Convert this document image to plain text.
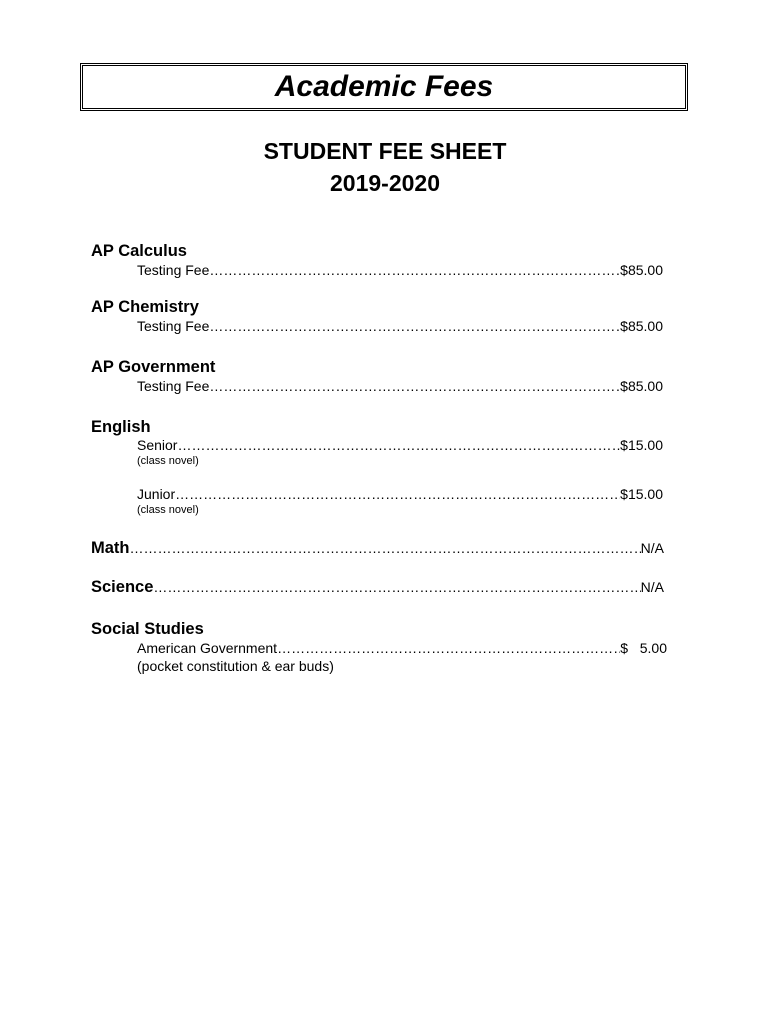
Academic Fees
STUDENT FEE SHEET
2019-2020
AP Calculus
Testing Fee ………………………………………………………………………………………………………………………………………………………………	$85.00
AP Chemistry
Testing Fee ………………………………………………………………………………………………………………………………………………………………	$85.00
AP Government
Testing Fee ………………………………………………………………………………………………………………………………………………………………	$85.00
English
Senior ………………………………………………………………………………………………………………………………………………………………	$15.00
(class novel)
Junior ………………………………………………………………………………………………………………………………………………………………	$15.00
(class novel)
Math ………………………………………………………………………………………………………………………………………………………………	N/A
Science ………………………………………………………………………………………………………………………………………………………………	N/A
Social Studies
American Government ………………………………………………………………………………………………………………………………………………………………	$   5.00
(pocket constitution & ear buds)
